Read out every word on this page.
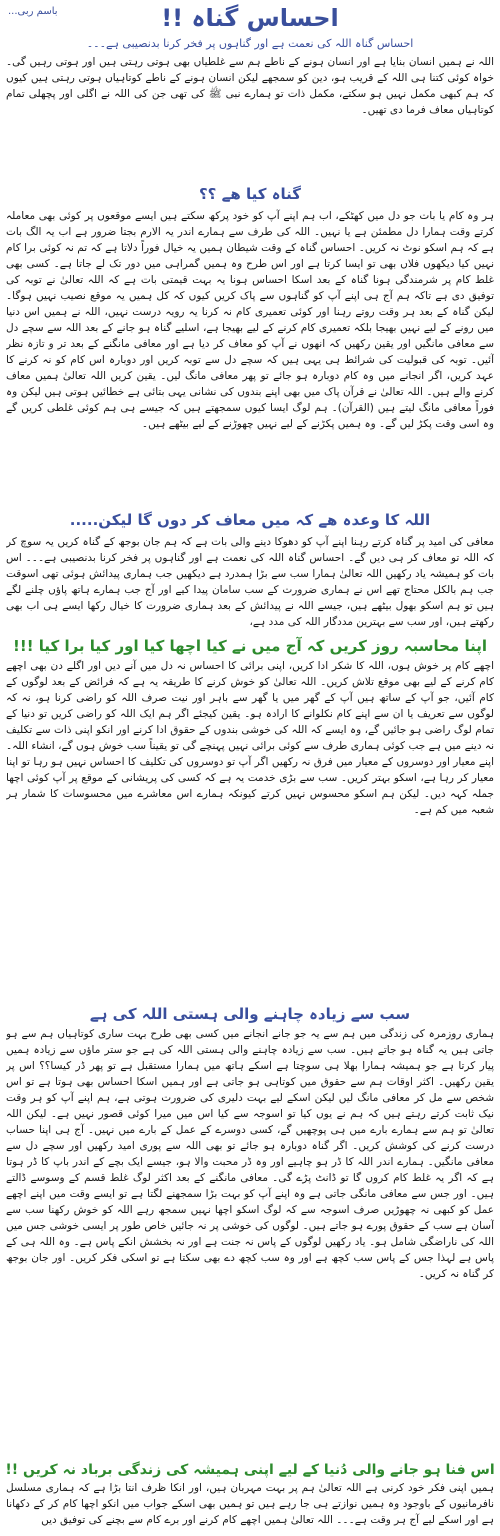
باسم ربی...	احساس گناہ !!
احساس گناہ اللہ کی نعمت ہے اور گناہوں پر فخر کرنا بدنصیبی ہے۔۔۔
اللہ نے ہمیں انسان بنایا ہے اور انسان ہونے کے ناطے ہم سے غلطیاں بھی ہوتی رہتی ہیں اور ہوتی رہیں گی۔ خواہ کوئی کتنا ہی اللہ کے قریب ہو، دین کو سمجھے لیکن انسان ہونے کے ناطے کوتاہیاں ہوتی رہتی ہیں کیوں کہ ہم کبھی مکمل نہیں ہو سکتے، مکمل ذات تو ہمارے نبی ﷺ کی تھی جن کی اللہ نے اگلی اور پچھلی تمام کوتاہیاں معاف فرما دی تھیں۔
گناہ کیا ھے ؟؟
ہر وہ کام یا بات جو دل میں کھٹکے، اب ہم اپنے آپ کو خود پرکھ سکتے ہیں ایسے موقعوں پر کوئی بھی معاملہ کرتے وقت ہمارا دل مطمئن ہے یا نہیں۔ اللہ کی طرف سے ہمارے اندر یہ الارم بجتا ضرور ہے اب یہ الگ بات ہے کہ ہم اسکو نوٹ نہ کریں۔ احساس گناہ کے وقت شیطان ہمیں یہ خیال فوراً دلاتا ہے کہ تم نہ کوئی برا کام نہیں کیا دیکھوں فلاں بھی تو ایسا کرتا ہے اور اس طرح وہ ہمیں گمراہی میں دور تک لے جاتا ہے۔ کسی بھی غلط کام پر شرمندگی ہونا گناہ کے بعد اسکا احساس ہونا یہ بہت قیمتی بات ہے کہ اللہ تعالیٰ نے توبہ کی توفیق دی ہے تاکہ ہم آج ہی اپنے آپ کو گناہوں سے پاک کریں کیوں کہ کل ہمیں یہ موقع نصیب نہیں ہوگا۔ لیکن گناہ کے بعد ہر وقت روتے رہنا اور کوئی تعمیری کام نہ کرنا یہ رویہ درست نہیں، اللہ نے ہمیں اس دنیا میں رونے کے لیے نہیں بھیجا بلکہ تعمیری کام کرنے کے لیے بھیجا ہے، اسلیے گناہ ہو جانے کے بعد اللہ سے سچے دل سے معافی مانگیں اور یقین رکھیں کہ انھوں نے آپ کو معاف کر دیا ہے اور معافی مانگنے کے بعد تر و تازہ نظر آئیں۔ توبہ کی قبولیت کی شرائط ہی یہی ہیں کہ سچے دل سے توبہ کریں اور دوبارہ اس کام کو نہ کرنے کا عہد کریں، اگر انجانے میں وہ کام دوبارہ ہو جائے تو پھر معافی مانگ لیں۔ یقین کریں اللہ تعالیٰ ہمیں معاف کرنے والے ہیں۔ اللہ تعالیٰ نے قرآن پاک میں بھی اپنے بندوں کی نشانی یہی بتائی ہے خطائیں ہوتی ہیں لیکن وہ فوراً معافی مانگ لیتے ہیں (القرآن)۔ ہم لوگ ایسا کیوں سمجھتے ہیں کہ جیسے ہی ہم کوئی غلطی کریں گے وہ اسی وقت پکڑ لیں گے۔ وہ ہمیں پکڑنے کے لیے نہیں چھوڑنے کے لیے بیٹھے ہیں۔
اللہ کا وعدہ ھے کہ میں معاف کر دوں گا لیکن.....
معافی کی امید پر گناہ کرتے رہنا اپنے آپ کو دھوکا دینے والی بات ہے کہ ہم جان بوجھ کے گناہ کریں یہ سوچ کر کہ اللہ تو معاف کر ہی دیں گے۔ احساس گناہ اللہ کی نعمت ہے اور گناہوں پر فخر کرنا بدنصیبی ہے۔۔۔ اس بات کو ہمیشہ یاد رکھیں اللہ تعالیٰ ہمارا سب سے بڑا ہمدرد ہے دیکھیں جب ہماری پیدائش ہوئی تھی اسوقت جب ہم بالکل محتاج تھے اس نے ہماری ضرورت کے سب سامان پیدا کیے اور آج جب ہمارے ہاتھ پاؤں چلنے لگے ہیں تو ہم اسکو بھول بیٹھے ہیں، جیسے اللہ نے پیدائش کے بعد ہماری ضرورت کا خیال رکھا ایسے ہی اب بھی رکھتے ہیں، اور سب سے بہترین مددگار اللہ کی مدد ہے،
اپنا محاسبہ روز کریں کہ آج میں نے کیا اچھا کیا اور کیا برا کیا !!!
اچھے کام پر خوش ہوں، اللہ کا شکر ادا کریں، اپنی برائی کا احساس نہ دل میں آنے دیں اور اگلے دن بھی اچھے کام کرنے کے لیے بھی موقع تلاش کریں۔ اللہ تعالیٰ کو خوش کرنے کا طریقہ یہ ہے کہ فرائض کے بعد لوگوں کے کام آئیں، جو آپ کے ساتھ ہیں آپ کے گھر میں یا گھر سے باہر اور نیت صرف اللہ کو راضی کرنا ہو، نہ کہ لوگوں سے تعریف یا ان سے اپنے کام نکلوانے کا ارادہ ہو۔ یقین کیجئے اگر ہم ایک اللہ کو راضی کریں تو دنیا کے تمام لوگ راضی ہو جائیں گے، وہ ایسے کہ اللہ کی خوشی بندوں کے حقوق ادا کرنے اور انکو اپنی ذات سے تکلیف نہ دینے میں ہے جب کوئی ہماری طرف سے کوئی برائی نہیں پہنچے گی تو یقیناً سب خوش ہوں گے، انشاء اللہ۔ اپنے معیار اور دوسروں کے معیار میں فرق نہ رکھیں اگر آپ تو دوسروں کی تکلیف کا احساس نہیں ہو رہا تو اپنا معیار کر رہا ہے، اسکو بہتر کریں۔ سب سے بڑی خدمت یہ ہے کہ کسی کی پریشانی کے موقع پر آپ کوئی اچھا جملہ کہہ دیں۔ لیکن ہم اسکو محسوس نہیں کرتے کیونکہ ہمارے اس معاشرے میں محسوسات کا شمار ہر شعبہ میں کم ہے۔
سب سے زیادہ چاہنے والی ہستی اللہ کی ہے
ہماری روزمرہ کی زندگی میں ہم سے یہ جو جانے انجانے میں کسی بھی طرح بہت ساری کوتاہیاں ہم سے ہو جاتی ہیں یہ گناہ ہو جاتے ہیں۔ سب سے زیادہ چاہنے والی ہستی اللہ کی ہے جو ستر ماؤں سے زیادہ ہمیں پیار کرتا ہے جو ہمیشہ ہمارا بھلا ہی سوچتا ہے اسکے ہاتھ میں ہمارا مستقبل ہے تو پھر ڈر کیسا؟؟ اس پر یقین رکھیں۔ اکثر اوقات ہم سے حقوق میں کوتاہی ہو جاتی ہے اور ہمیں اسکا احساس بھی ہوتا ہے تو اس شخص سے مل کر معافی مانگ لیں لیکن اسکے لیے بہت دلیری کی ضرورت ہوتی ہے، ہم اپنے آپ کو ہر وقت نیک ثابت کرتے رہتے ہیں کہ ہم نے یوں کیا تو اسوجہ سے کیا اس میں میرا کوئی قصور نہیں ہے۔ لیکن اللہ تعالیٰ تو ہم سے ہمارے بارے میں ہی پوچھیں گے، کسی دوسرے کے عمل کے بارے میں نہیں۔ آج ہی اپنا حساب درست کرنے کی کوشش کریں۔ اگر گناہ دوبارہ ہو جائے تو بھی اللہ سے پوری امید رکھیں اور سچے دل سے معافی مانگیں۔ ہمارے اندر اللہ کا ڈر ہو چاہیے اور وہ ڈر محبت والا ہو، جیسے ایک بچے کے اندر باپ کا ڈر ہوتا ہے کہ اگر یہ غلط کام کروں گا تو ڈانٹ پڑے گی۔ معافی مانگنے کے بعد اکثر لوگ غلط قسم کے وسوسے ڈالتے ہیں۔ اور جس سے معافی مانگی جاتی ہے وہ اپنے آپ کو بہت بڑا سمجھنے لگتا ہے تو ایسے وقت میں اپنے اچھے عمل کو کبھی نہ چھوڑیں صرف اسوجہ سے کہ لوگ اسکو اچھا نہیں سمجھ رہے اللہ کو خوش رکھنا سب سے آسان ہے سب کے حقوق پورے ہو جاتے ہیں۔ لوگوں کی خوشی پر نہ جائیں خاص طور پر ایسی خوشی جس میں اللہ کی ناراضگی شامل ہو۔ یاد رکھیں لوگوں کے پاس نہ جنت ہے اور نہ بخشش انکے پاس ہے۔ وہ اللہ ہی کے پاس ہے لہذا جس کے پاس سب کچھ ہے اور وہ سب کچھ دے بھی سکتا ہے تو اسکی فکر کریں۔ اور جان بوجھ کر گناہ نہ کریں۔
اس فنا ہو جانے والی دُنیا کے لیے اپنی ہمیشہ کی زندگی برباد نہ کریں !!
ہمیں اپنی فکر خود کرنی ہے اللہ تعالیٰ ہم پر بہت مہربان ہیں، اور انکا ظرف انتا بڑا ہے کہ ہماری مسلسل نافرمانیوں کے باوجود وہ ہمیں نوازتے ہی جا رہے ہیں تو ہمیں بھی اسکے جواب میں انکو اچھا کام کر کے دکھانا ہے اور اسکے لیے آج ہر وقت ہے۔۔۔ اللہ تعالیٰ ہمیں اچھے کام کرنے اور برے کام سے بچنے کی توفیق دیں
